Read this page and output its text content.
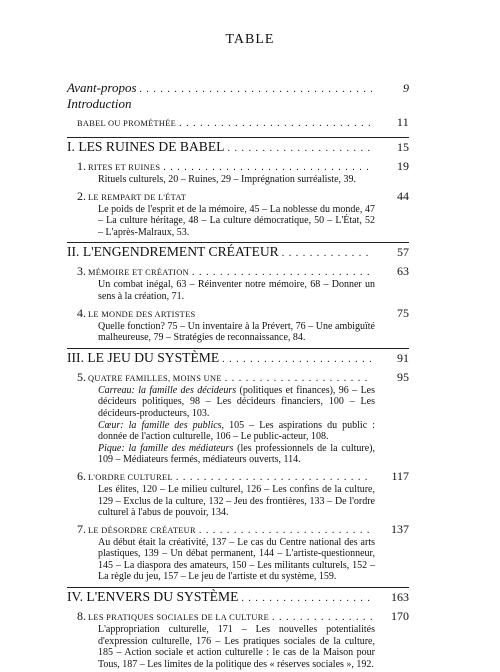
TABLE
Avant-propos . . .	9
Introduction
BABEL OU PROMÉTHÉE . . .	11
I. LES RUINES DE BABEL . . .	15
1. RITES ET RUINES . . .	19
Rituels culturels, 20 – Ruines, 29 – Imprégnation surréaliste, 39.
2. LE REMPART DE L'ÉTAT	44
Le poids de l'esprit et de la mémoire, 45 – La noblesse du monde, 47 – La culture héritage, 48 – La culture démocratique, 50 – L'État, 52 – L'après-Malraux, 53.
II. L'ENGENDREMENT CRÉATEUR . . .	57
3. MÉMOIRE ET CRÉATION . . .	63
Un combat inégal, 63 – Réinventer notre mémoire, 68 – Donner un sens à la création, 71.
4. LE MONDE DES ARTISTES	75
Quelle fonction? 75 – Un inventaire à la Prévert, 76 – Une ambiguïté malheureuse, 79 – Stratégies de reconnaissance, 84.
III. LE JEU DU SYSTÈME . . .	91
5. QUATRE FAMILLES, MOINS UNE . . .	95

Carreau: la famille des décideurs (politiques et finances), 96 – Les décideurs politiques, 98 – Les décideurs financiers, 100 – Les décideurs-producteurs, 103.

Cœur: la famille des publics, 105 – Les aspirations du public : donnée de l'action culturelle, 106 – Le public-acteur, 108.

Pique: la famille des médiateurs (les professionnels de la culture), 109 – Médiateurs fermés, médiateurs ouverts, 114.

6. L'ORDRE CULTUREL . . .	117
Les élites, 120 – Le milieu culturel, 126 – Les confins de la culture, 129 – Exclus de la culture, 132 – Jeu des frontières, 133 – De l'ordre culturel à l'abus de pouvoir, 134.
7. LE DÉSORDRE CRÉATEUR . . .	137
Au début était la créativité, 137 – Le cas du Centre national des arts plastiques, 139 – Un débat permanent, 144 – L'artiste-questionneur, 145 – La diaspora des amateurs, 150 – Les militants culturels, 152 – La règle du jeu, 157 – Le jeu de l'artiste et du système, 159.
IV. L'ENVERS DU SYSTÈME . . .	163
8. LES PRATIQUES SOCIALES DE LA CULTURE . . .	170
L'appropriation culturelle, 171 – Les nouvelles potentialités d'expression culturelle, 176 – Les pratiques sociales de la culture, 185 – Action sociale et action culturelle : le cas de la Maison pour Tous, 187 – Les limites de la politique des « réserves sociales », 192.
